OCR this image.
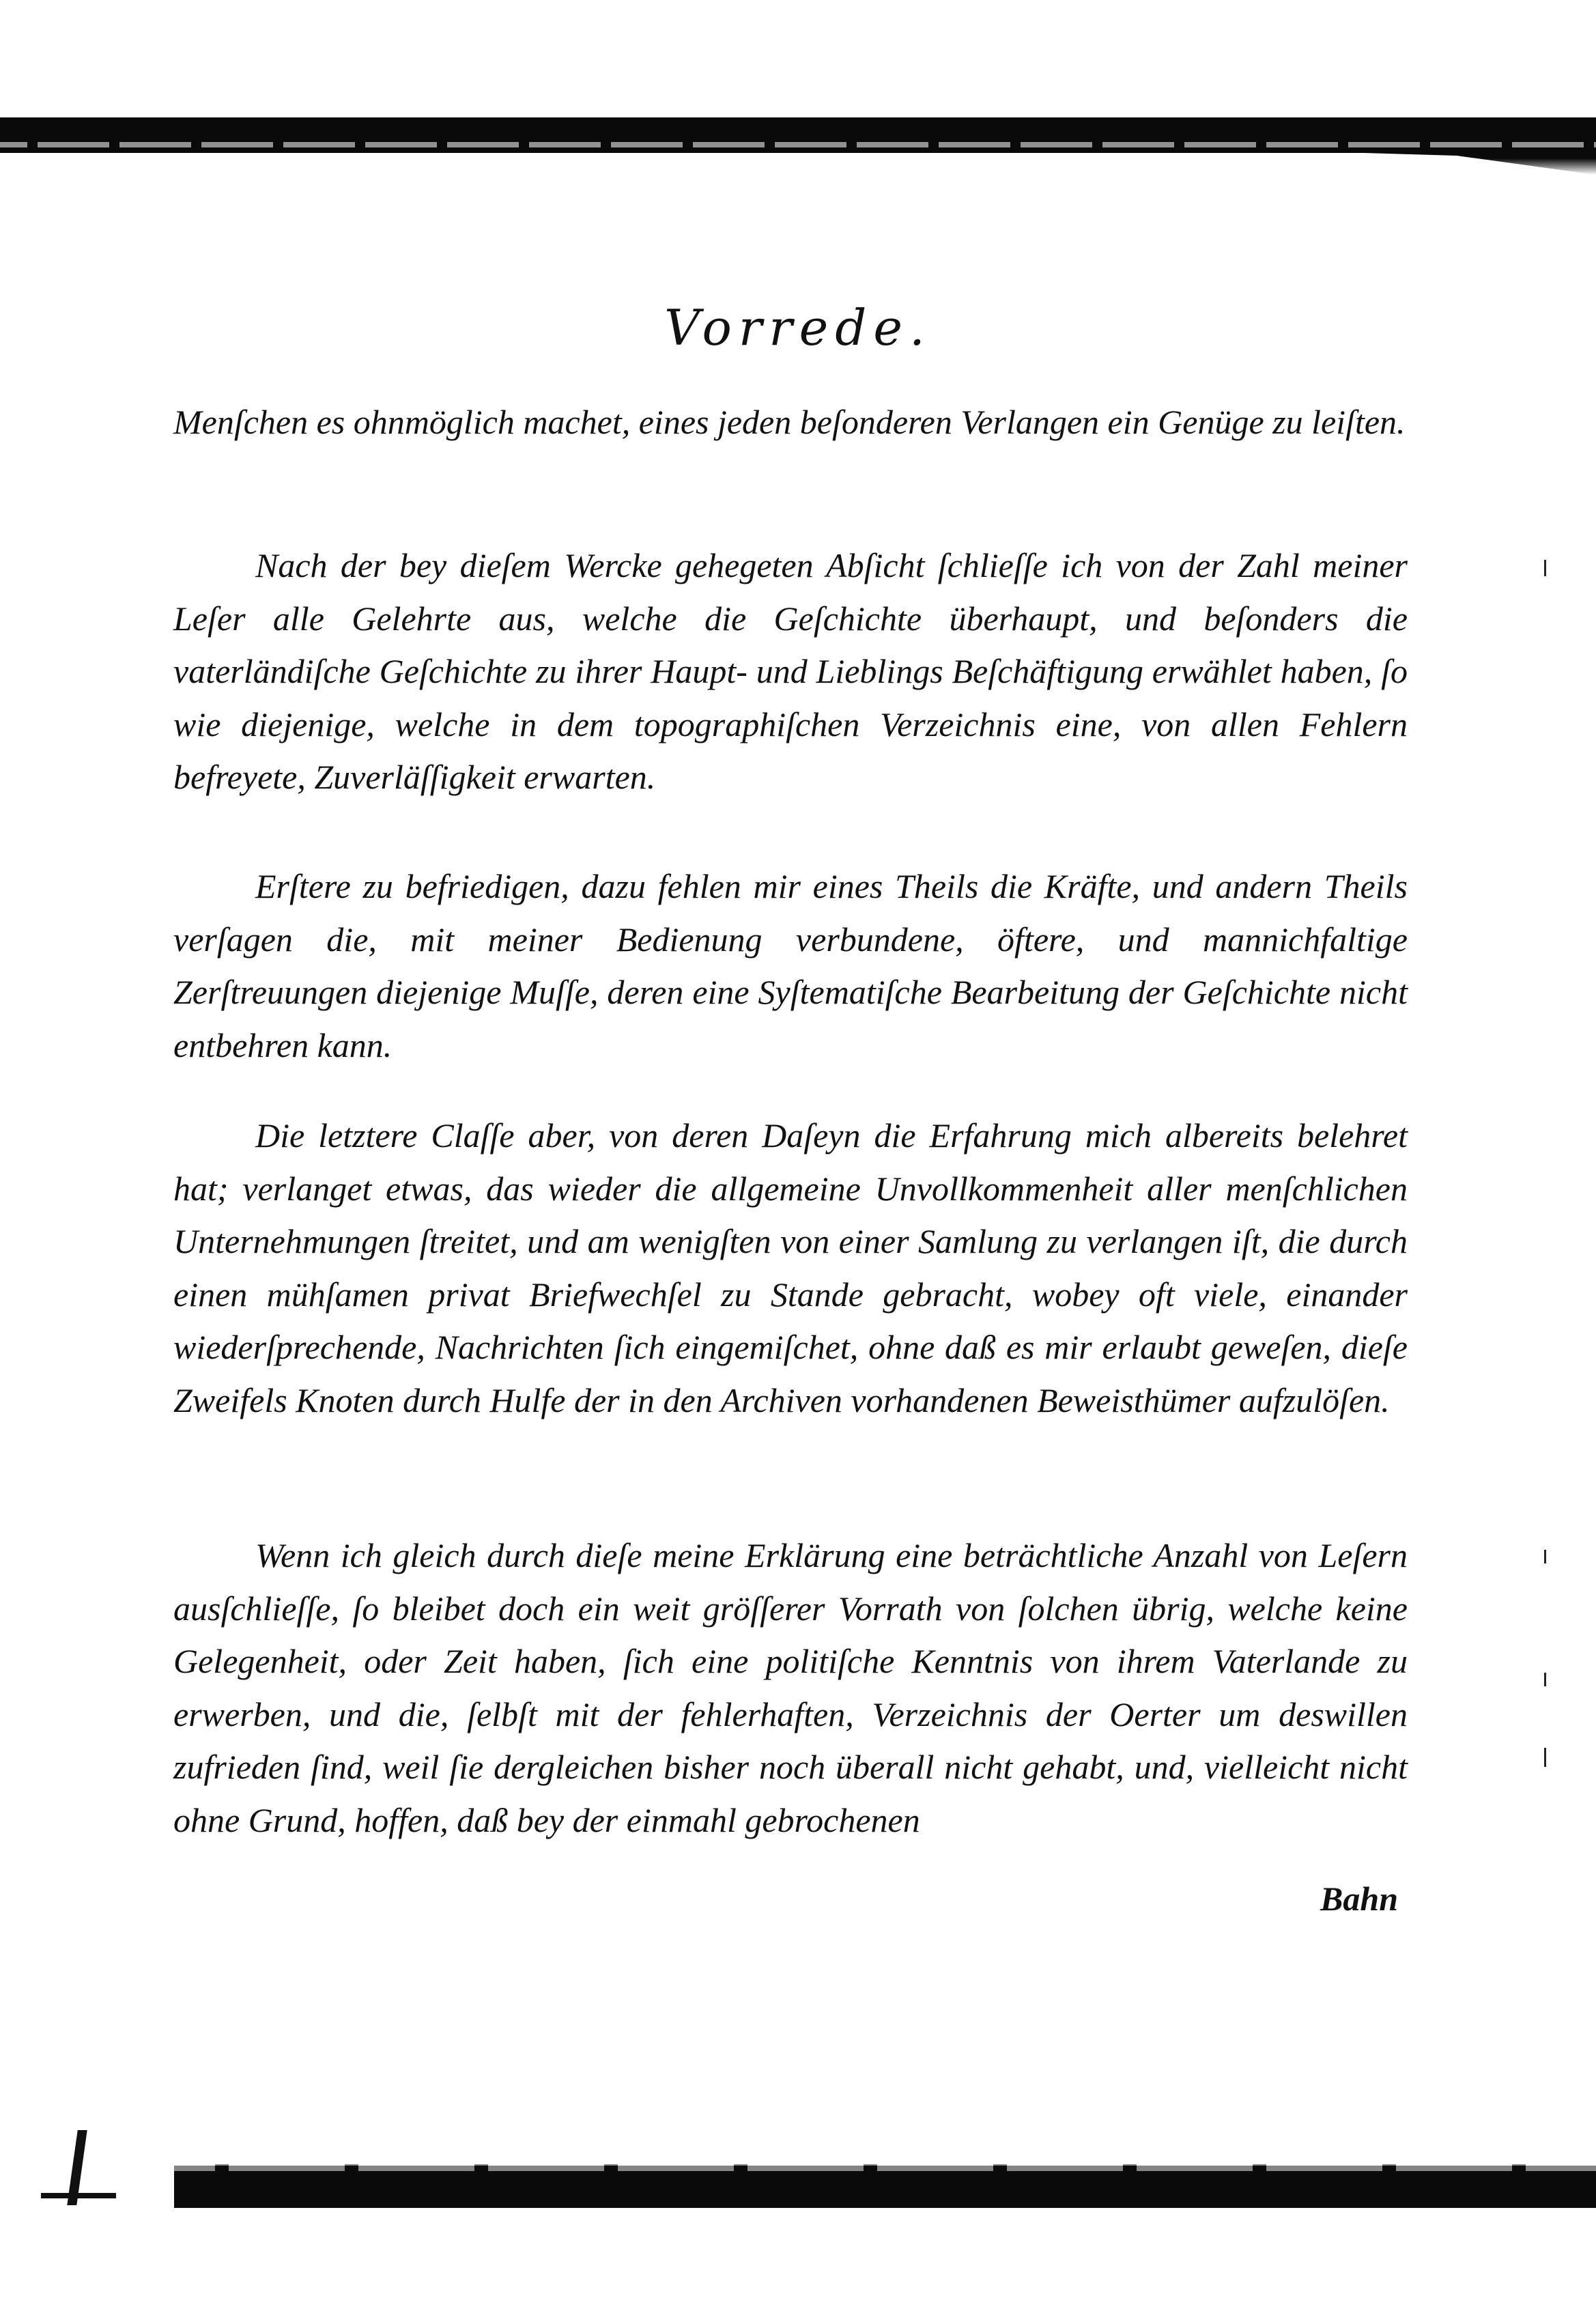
Vorrede.

Menſchen es ohnmöglich machet, eines jeden beſonderen Verlangen ein Genüge zu leiſten.

Nach der bey dieſem Wercke gehegeten Abſicht ſchlieſſe ich von der Zahl meiner Leſer alle Gelehrte aus, welche die Geſchichte überhaupt, und beſonders die vaterländiſche Geſchichte zu ihrer Haupt- und Lieblings Beſchäftigung erwählet haben, ſo wie diejenige, welche in dem topographiſchen Verzeichnis eine, von allen Fehlern befreyete, Zuverläſſigkeit erwarten.

Erſtere zu befriedigen, dazu fehlen mir eines Theils die Kräfte, und andern Theils verſagen die, mit meiner Bedienung verbundene, öftere, und mannichfaltige Zerſtreuungen diejenige Muſſe, deren eine Syſtematiſche Bearbeitung der Geſchichte nicht entbehren kann.

Die letztere Claſſe aber, von deren Daſeyn die Erfahrung mich albereits belehret hat; verlanget etwas, das wieder die allgemeine Unvollkommenheit aller menſchlichen Unternehmungen ſtreitet, und am wenigſten von einer Samlung zu verlangen iſt, die durch einen mühſamen privat Briefwechſel zu Stande gebracht, wobey oft viele, einander wiederſprechende, Nachrichten ſich eingemiſchet, ohne daß es mir erlaubt geweſen, dieſe Zweifels Knoten durch Hulfe der in den Archiven vorhandenen Beweisthümer aufzulöſen.

Wenn ich gleich durch dieſe meine Erklärung eine beträchtliche Anzahl von Leſern ausſchlieſſe, ſo bleibet doch ein weit gröſſerer Vorrath von ſolchen übrig, welche keine Gelegenheit, oder Zeit haben, ſich eine politiſche Kenntnis von ihrem Vaterlande zu erwerben, und die, ſelbſt mit der fehlerhaften, Verzeichnis der Oerter um deswillen zufrieden ſind, weil ſie dergleichen bisher noch überall nicht gehabt, und, vielleicht nicht ohne Grund, hoffen, daß bey der einmahl gebrochenen

Bahn
